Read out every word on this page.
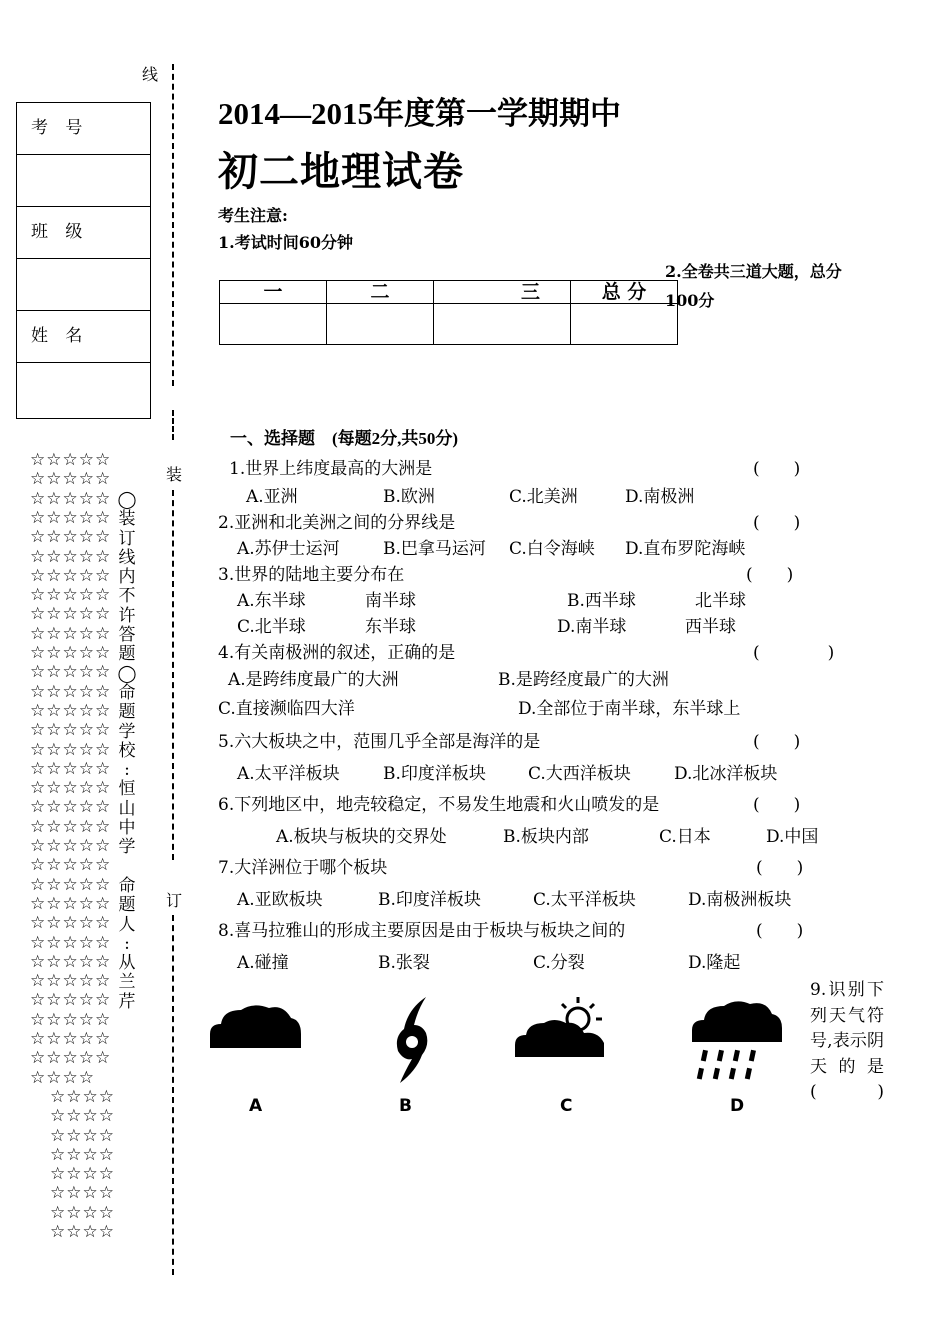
线
装
订
考 号
班 级
姓 名
☆☆☆☆☆
☆☆☆☆☆
☆☆☆☆☆
☆☆☆☆☆
☆☆☆☆☆
☆☆☆☆☆
☆☆☆☆☆
☆☆☆☆☆
☆☆☆☆☆
☆☆☆☆☆
☆☆☆☆☆
☆☆☆☆☆
☆☆☆☆☆
☆☆☆☆☆
☆☆☆☆☆
☆☆☆☆☆
☆☆☆☆☆
☆☆☆☆☆
☆☆☆☆☆
☆☆☆☆☆
☆☆☆☆☆
☆☆☆☆☆
☆☆☆☆☆
☆☆☆☆☆
☆☆☆☆☆
☆☆☆☆☆
☆☆☆☆☆
☆☆☆☆☆
☆☆☆☆☆
☆☆☆☆☆
☆☆☆☆☆
☆☆☆☆☆
☆☆☆☆
☆☆☆☆
☆☆☆☆
☆☆☆☆
☆☆☆☆
☆☆☆☆
☆☆☆☆
☆☆☆☆
☆☆☆☆
◯
装
订
线
内
不
许
答
题
◯
命
题
学
校
:
恒
山
中
学
命
题
人
:
从
兰
芹
2014—2015年度第一学期期中
初二地理试卷
考生注意:
1.考试时间60分钟
2.全卷共三道大题，总分
100分
一	二	三	总 分

一、选择题　(每题2分,共50分)
1.世界上纬度最高的大洲是	(　　)
A.亚洲	B.欧洲	C.北美洲	D.南极洲
2.亚洲和北美洲之间的分界线是	(　　)
A.苏伊士运河	B.巴拿马运河 C.白令海峡 D.直布罗陀海峡
3.世界的陆地主要分布在	(　　)
A.东半球	南半球	B.西半球	北半球
C.北半球	东半球	D.南半球	西半球
4.有关南极洲的叙述，正确的是	(　　　　)
A.是跨纬度最广的大洲	B.是跨经度最广的大洲
C.直接濒临四大洋	D.全部位于南半球，东半球上
5.六大板块之中，范围几乎全部是海洋的是	(　　)
A.太平洋板块	B.印度洋板块 C.大西洋板块	D.北冰洋板块
6.下列地区中，地壳较稳定，不易发生地震和火山喷发的是	(　　)
A.板块与板块的交界处	B.板块内部	C.日本	D.中国
7.大洋洲位于哪个板块	(　　)
A.亚欧板块	B.印度洋板块	C.太平洋板块	D.南极洲板块
8.喜马拉雅山的形成主要原因是由于板块与板块之间的	(　　)
A.碰撞	B.张裂	C.分裂	D.隆起
9.识别下列天气符号,表示阴天的是
(　　)
A	B	C	D
